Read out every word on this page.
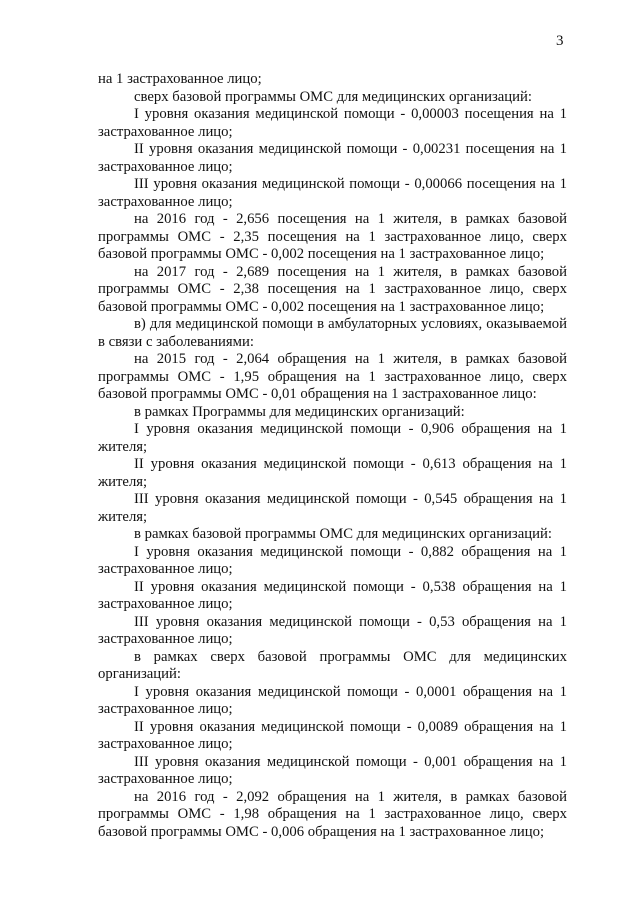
3

на 1 застрахованное лицо;

сверх базовой программы ОМС для медицинских организаций:

I уровня оказания медицинской помощи - 0,00003 посещения на 1 застрахованное лицо;

II уровня оказания медицинской помощи - 0,00231 посещения на 1 застрахованное лицо;

III уровня оказания медицинской помощи - 0,00066 посещения на 1 застрахованное лицо;

на 2016 год - 2,656 посещения на 1 жителя, в рамках базовой программы ОМС - 2,35 посещения на 1 застрахованное лицо, сверх базовой программы ОМС - 0,002 посещения на 1 застрахованное лицо;

на 2017 год - 2,689 посещения на 1 жителя, в рамках базовой программы ОМС - 2,38 посещения на 1 застрахованное лицо, сверх базовой программы ОМС - 0,002 посещения на 1 застрахованное лицо;

в) для медицинской помощи в амбулаторных условиях, оказываемой в связи с заболеваниями:

на 2015 год - 2,064 обращения на 1 жителя, в рамках базовой программы ОМС - 1,95 обращения на 1 застрахованное лицо, сверх базовой программы ОМС - 0,01 обращения на 1 застрахованное лицо:

в рамках Программы для медицинских организаций:

I уровня оказания медицинской помощи - 0,906 обращения на 1 жителя;

II уровня оказания медицинской помощи - 0,613 обращения на 1 жителя;

III уровня оказания медицинской помощи - 0,545 обращения на 1 жителя;

в рамках базовой программы ОМС для медицинских организаций:

I уровня оказания медицинской помощи - 0,882 обращения на 1 застрахованное лицо;

II уровня оказания медицинской помощи - 0,538 обращения на 1 застрахованное лицо;

III уровня оказания медицинской помощи - 0,53 обращения на 1 застрахованное лицо;

в рамках сверх базовой программы ОМС для медицинских организаций:

I уровня оказания медицинской помощи - 0,0001 обращения на 1 застрахованное лицо;

II уровня оказания медицинской помощи - 0,0089 обращения на 1 застрахованное лицо;

III уровня оказания медицинской помощи - 0,001 обращения на 1 застрахованное лицо;

на 2016 год - 2,092 обращения на 1 жителя, в рамках базовой программы ОМС - 1,98 обращения на 1 застрахованное лицо, сверх базовой программы ОМС - 0,006 обращения на 1 застрахованное лицо;
